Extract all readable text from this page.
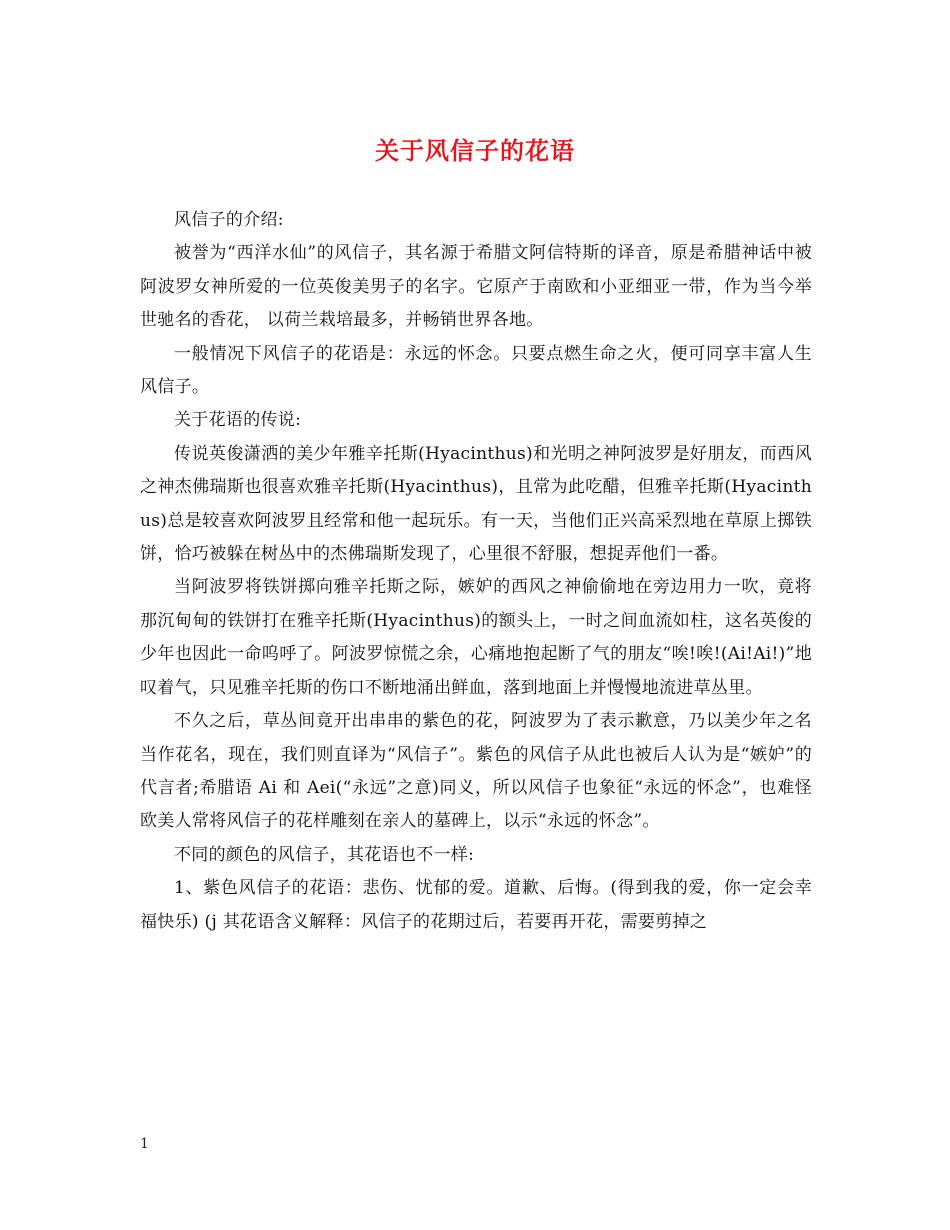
关于风信子的花语

风信子的介绍:

被誉为“西洋水仙”的风信子，其名源于希腊文阿信特斯的译音，原是希腊神话中被阿波罗女神所爱的一位英俊美男子的名字。它原产于南欧和小亚细亚一带，作为当今举世驰名的香花， 以荷兰栽培最多，并畅销世界各地。

一般情况下风信子的花语是：永远的怀念。只要点燃生命之火，便可同享丰富人生风信子。

关于花语的传说:

传说英俊潇洒的美少年雅辛托斯(Hyacinthus)和光明之神阿波罗是好朋友，而西风之神杰佛瑞斯也很喜欢雅辛托斯(Hyacinthus)，且常为此吃醋，但雅辛托斯(Hyacinthus)总是较喜欢阿波罗且经常和他一起玩乐。有一天，当他们正兴高采烈地在草原上掷铁饼，恰巧被躲在树丛中的杰佛瑞斯发现了，心里很不舒服，想捉弄他们一番。

当阿波罗将铁饼掷向雅辛托斯之际，嫉妒的西风之神偷偷地在旁边用力一吹，竟将那沉甸甸的铁饼打在雅辛托斯(Hyacinthus)的额头上，一时之间血流如柱，这名英俊的少年也因此一命呜呼了。阿波罗惊慌之余，心痛地抱起断了气的朋友“唉!唉!(Ai!Ai!)”地叹着气，只见雅辛托斯的伤口不断地涌出鲜血，落到地面上并慢慢地流进草丛里。

不久之后，草丛间竟开出串串的紫色的花，阿波罗为了表示歉意，乃以美少年之名当作花名，现在，我们则直译为“风信子”。紫色的风信子从此也被后人认为是“嫉妒”的代言者;希腊语 Ai 和 Aei(“永远”之意)同义，所以风信子也象征“永远的怀念”，也难怪欧美人常将风信子的花样雕刻在亲人的墓碑上，以示“永远的怀念”。

不同的颜色的风信子，其花语也不一样:

1、紫色风信子的花语：悲伤、忧郁的爱。道歉、后悔。(得到我的爱，你一定会幸福快乐) (j 其花语含义解释：风信子的花期过后，若要再开花，需要剪掉之

1
